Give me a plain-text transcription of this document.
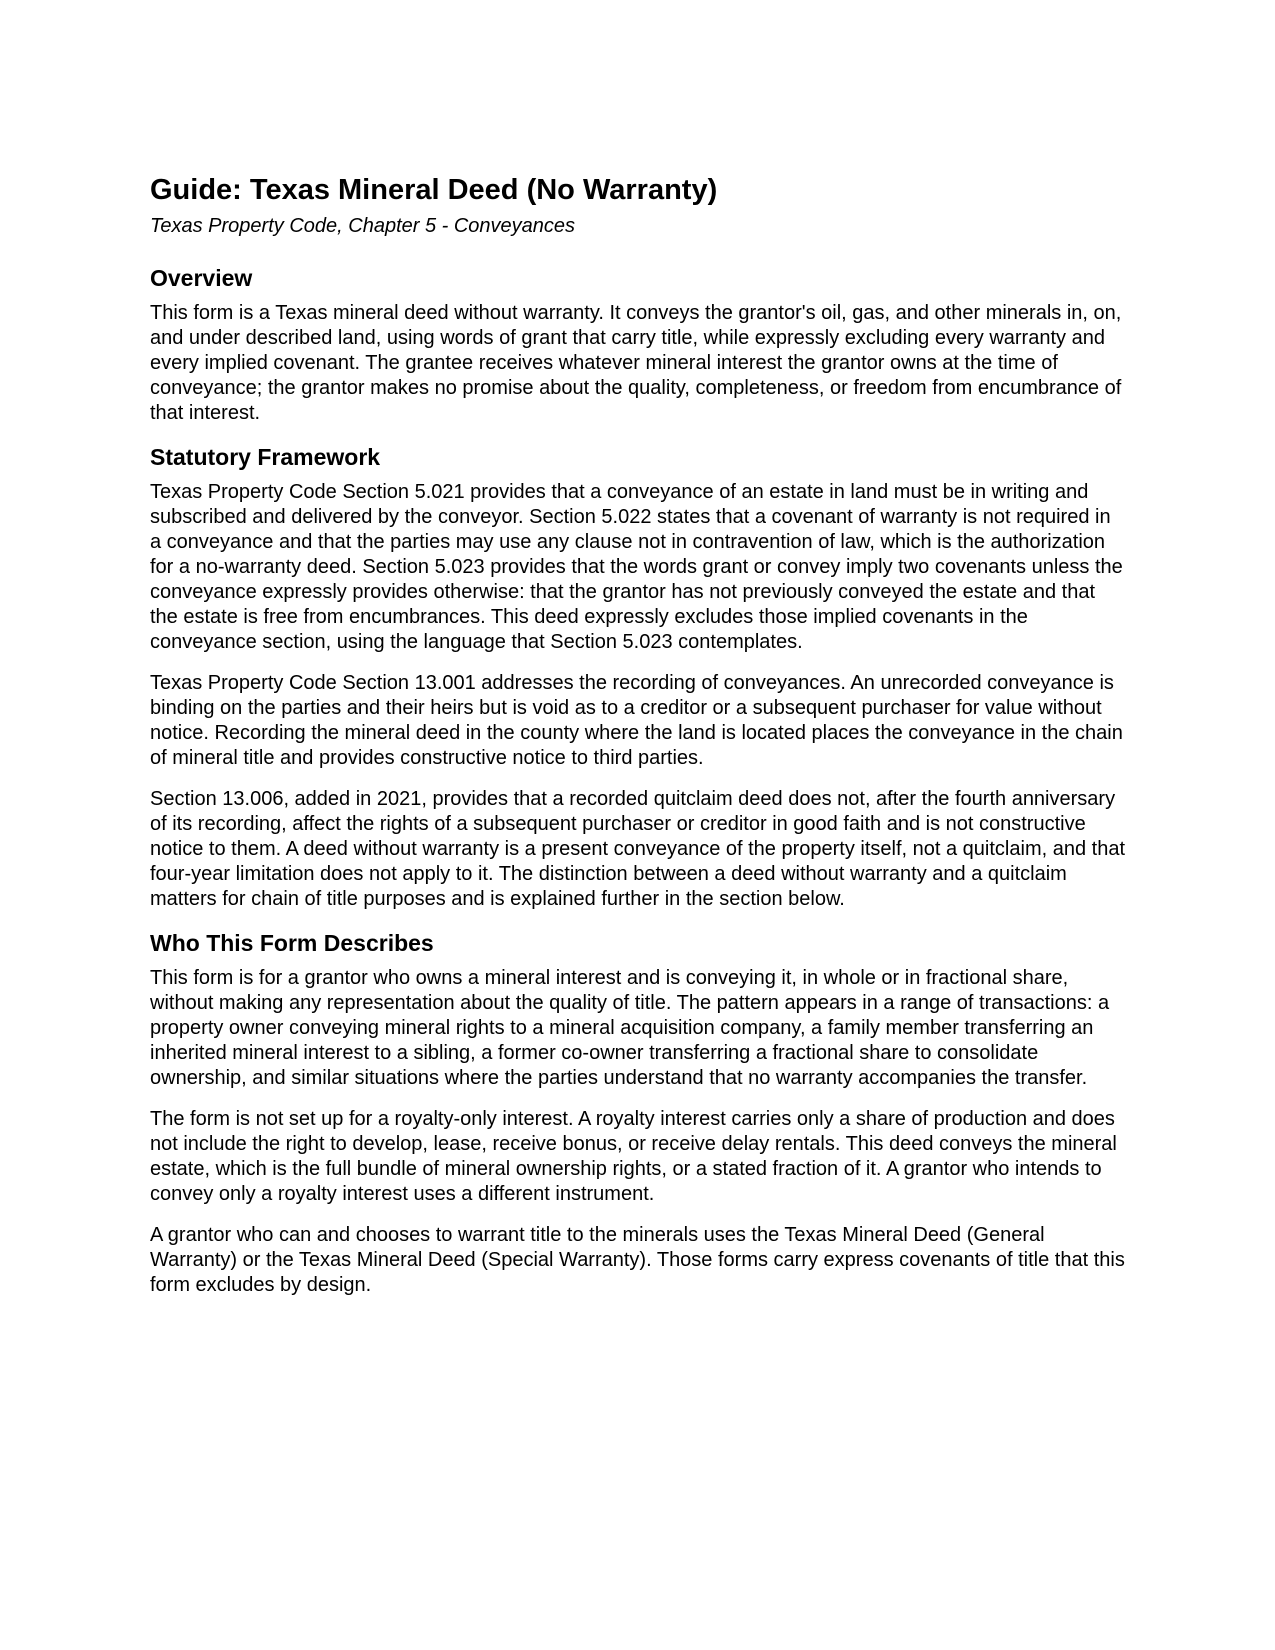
Guide: Texas Mineral Deed (No Warranty)
Texas Property Code, Chapter 5 - Conveyances
Overview

This form is a Texas mineral deed without warranty. It conveys the grantor's oil, gas, and other minerals in, on, and under described land, using words of grant that carry title, while expressly excluding every warranty and every implied covenant. The grantee receives whatever mineral interest the grantor owns at the time of conveyance; the grantor makes no promise about the quality, completeness, or freedom from encumbrance of that interest.

Statutory Framework

Texas Property Code Section 5.021 provides that a conveyance of an estate in land must be in writing and subscribed and delivered by the conveyor. Section 5.022 states that a covenant of warranty is not required in a conveyance and that the parties may use any clause not in contravention of law, which is the authorization for a no-warranty deed. Section 5.023 provides that the words grant or convey imply two covenants unless the conveyance expressly provides otherwise: that the grantor has not previously conveyed the estate and that the estate is free from encumbrances. This deed expressly excludes those implied covenants in the conveyance section, using the language that Section 5.023 contemplates.

Texas Property Code Section 13.001 addresses the recording of conveyances. An unrecorded conveyance is binding on the parties and their heirs but is void as to a creditor or a subsequent purchaser for value without notice. Recording the mineral deed in the county where the land is located places the conveyance in the chain of mineral title and provides constructive notice to third parties.

Section 13.006, added in 2021, provides that a recorded quitclaim deed does not, after the fourth anniversary of its recording, affect the rights of a subsequent purchaser or creditor in good faith and is not constructive notice to them. A deed without warranty is a present conveyance of the property itself, not a quitclaim, and that four-year limitation does not apply to it. The distinction between a deed without warranty and a quitclaim matters for chain of title purposes and is explained further in the section below.

Who This Form Describes

This form is for a grantor who owns a mineral interest and is conveying it, in whole or in fractional share, without making any representation about the quality of title. The pattern appears in a range of transactions: a property owner conveying mineral rights to a mineral acquisition company, a family member transferring an inherited mineral interest to a sibling, a former co-owner transferring a fractional share to consolidate ownership, and similar situations where the parties understand that no warranty accompanies the transfer.

The form is not set up for a royalty-only interest. A royalty interest carries only a share of production and does not include the right to develop, lease, receive bonus, or receive delay rentals. This deed conveys the mineral estate, which is the full bundle of mineral ownership rights, or a stated fraction of it. A grantor who intends to convey only a royalty interest uses a different instrument.

A grantor who can and chooses to warrant title to the minerals uses the Texas Mineral Deed (General Warranty) or the Texas Mineral Deed (Special Warranty). Those forms carry express covenants of title that this form excludes by design.
